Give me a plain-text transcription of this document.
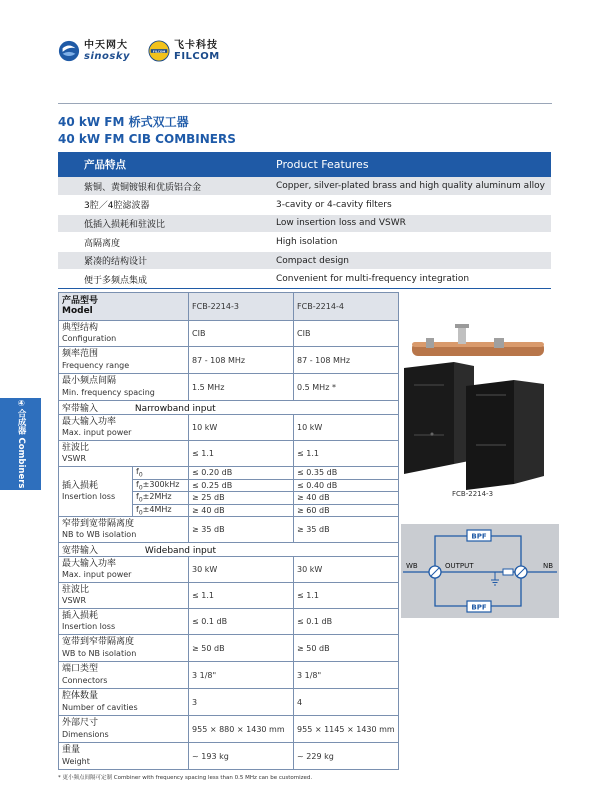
中天网大
sinosky	FILCOM
飞卡科技
FILCOM
40 kW FM 桥式双工器
40 kW FM CIB COMBINERS
产品特点	Product Features
紫铜、黄铜镀银和优质铝合金	Copper, silver-plated brass and high quality aluminum alloy
3腔／4腔滤波器	3-cavity or 4-cavity filters
低插入损耗和驻波比	Low insertion loss and VSWR
高隔离度	High isolation
紧凑的结构设计	Compact design
便于多频点集成	Convenient for multi-frequency integration
产品型号
Model		FCB-2214-3	FCB-2214-4

典型结构
Configuration		CIB	CIB

频率范围
Frequency range		87 - 108 MHz	87 - 108 MHz

最小频点间隔
Min. frequency spacing		1.5 MHz	0.5 MHz *
窄带输入 Narrowband input			

最大输入功率
Max. input power		10 kW	10 kW

驻波比
VSWR		≤ 1.1	≤ 1.1

插入损耗
Insertion loss	$f_0$	≤ 0.20 dB	≤ 0.35 dB
	$f_0\pm 300kHz$	≤ 0.25 dB	≤ 0.40 dB
	$f_0\pm 2MHz$	≥ 25 dB	≥ 40 dB
	$f_0\pm 4MHz$	≥ 40 dB	≥ 60 dB

窄带到宽带隔离度
NB to WB isolation		≥ 35 dB	≥ 35 dB
宽带输入 Wideband input			

最大输入功率
Max. input power		30 kW	30 kW

驻波比
VSWR		≤ 1.1	≤ 1.1

插入损耗
Insertion loss		≤ 0.1 dB	≤ 0.1 dB

宽带到窄带隔离度
WB to NB isolation		≥ 50 dB	≥ 50 dB

端口类型
Connectors		3 1/8"	3 1/8"

腔体数量
Number of cavities		3	4

外部尺寸
Dimensions		955 × 880 × 1430 mm	955 × 1145 × 1430 mm

重量
Weight		~ 193 kg	~ 229 kg
④合成器 Combiners
FCB-2214-3
BPF
BPF
WB	NB
OUTPUT
* 更小频点间隔可定制 Combiner with frequency spacing less than 0.5 MHz can be customized.
